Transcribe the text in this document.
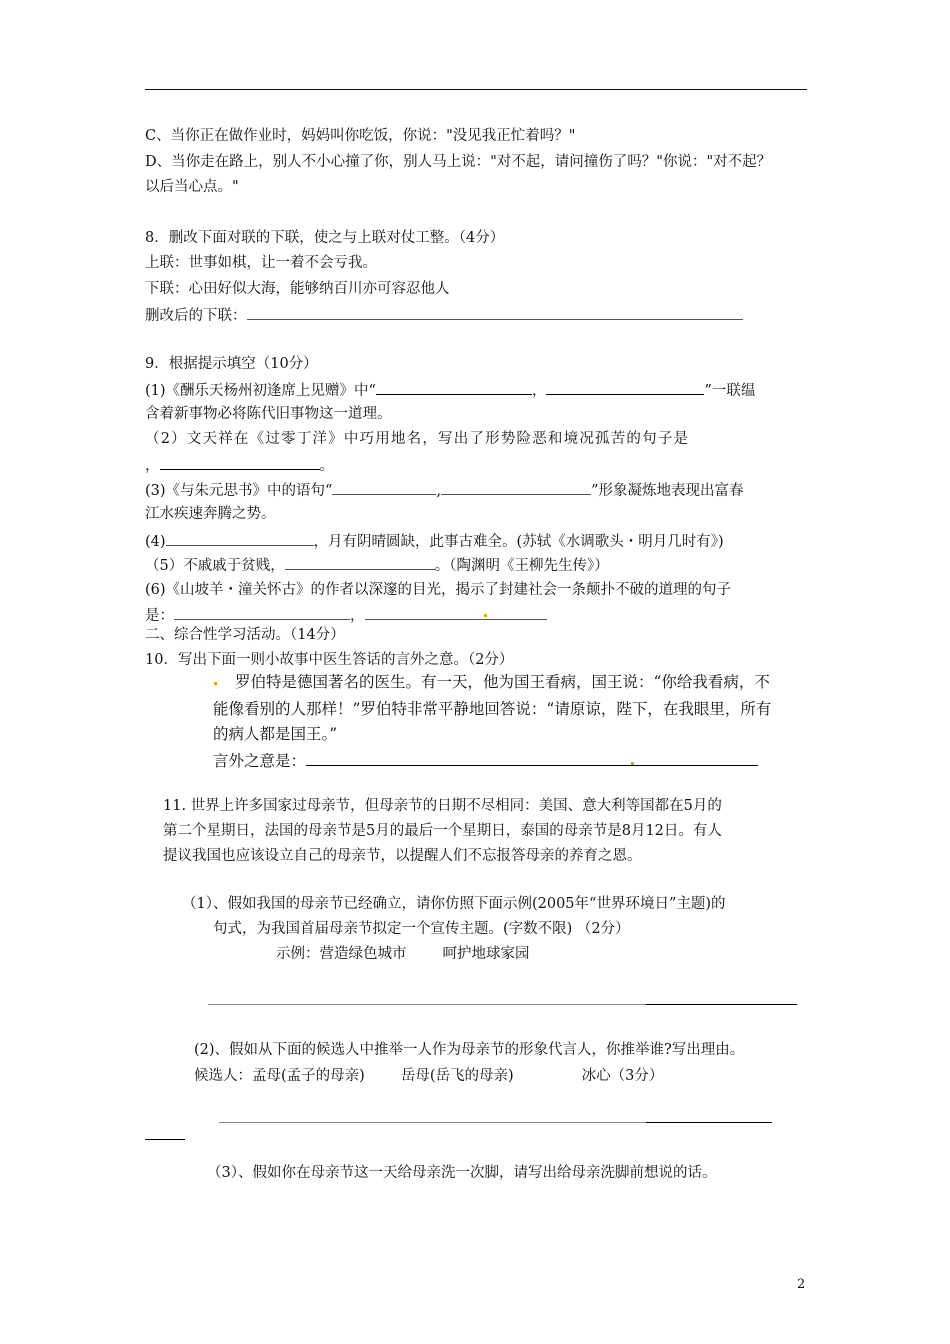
C、当你正在做作业时，妈妈叫你吃饭，你说："没见我正忙着吗？"
D、当你走在路上，别人不小心撞了你，别人马上说："对不起，请问撞伤了吗？"你说："对不起？
以后当心点。"
8．删改下面对联的下联，使之与上联对仗工整。（4分）
上联：世事如棋，让一着不会亏我。
下联：心田好似大海，能够纳百川亦可容忍他人
删改后的下联：
9．根据提示填空（10分）
(1)《酬乐天杨州初逢席上见赠》中“	，	”一联缊
含着新事物必将陈代旧事物这一道理。
（2）文天祥在《过零丁洋》中巧用地名，写出了形势险恶和境况孤苦的句子是
，	。
(3)《与朱元思书》中的语句“	,	”形象凝炼地表现出富春
江水疾速奔腾之势。
(4)	，月有阴晴圆缺，此事古难全。(苏轼《水调歌头・明月几时有》)
（5）不戚戚于贫贱，	。（陶渊明《王柳先生传》）
(6)《山坡羊・潼关怀古》的作者以深邃的目光，揭示了封建社会一条颠扑不破的道理的句子
是：	，
二、综合性学习活动。（14分）
10．写出下面一则小故事中医生答话的言外之意。（2分）
罗伯特是德国著名的医生。有一天，他为国王看病，国王说：“你给我看病，不
能像看别的人那样！”罗伯特非常平静地回答说：“请原谅，陛下，在我眼里，所有
的病人都是国王。”
言外之意是：
11. 世界上许多国家过母亲节，但母亲节的日期不尽相同：美国、意大利等国都在5月的
第二个星期日，法国的母亲节是5月的最后一个星期日，泰国的母亲节是8月12日。有人
提议我国也应该设立自己的母亲节，以提醒人们不忘报答母亲的养育之恩。
（1）、假如我国的母亲节已经确立，请你仿照下面示例(2005年“世界环境日”主题)的
句式，为我国首届母亲节拟定一个宣传主题。(字数不限) （2分）
示例：营造绿色城市 呵护地球家园
(2)、假如从下面的候选人中推举一人作为母亲节的形象代言人，你推举谁?写出理由。
候选人：孟母(孟子的母亲) 岳母(岳飞的母亲)	冰心（3分）
（3）、假如你在母亲节这一天给母亲洗一次脚，请写出给母亲洗脚前想说的话。
2
